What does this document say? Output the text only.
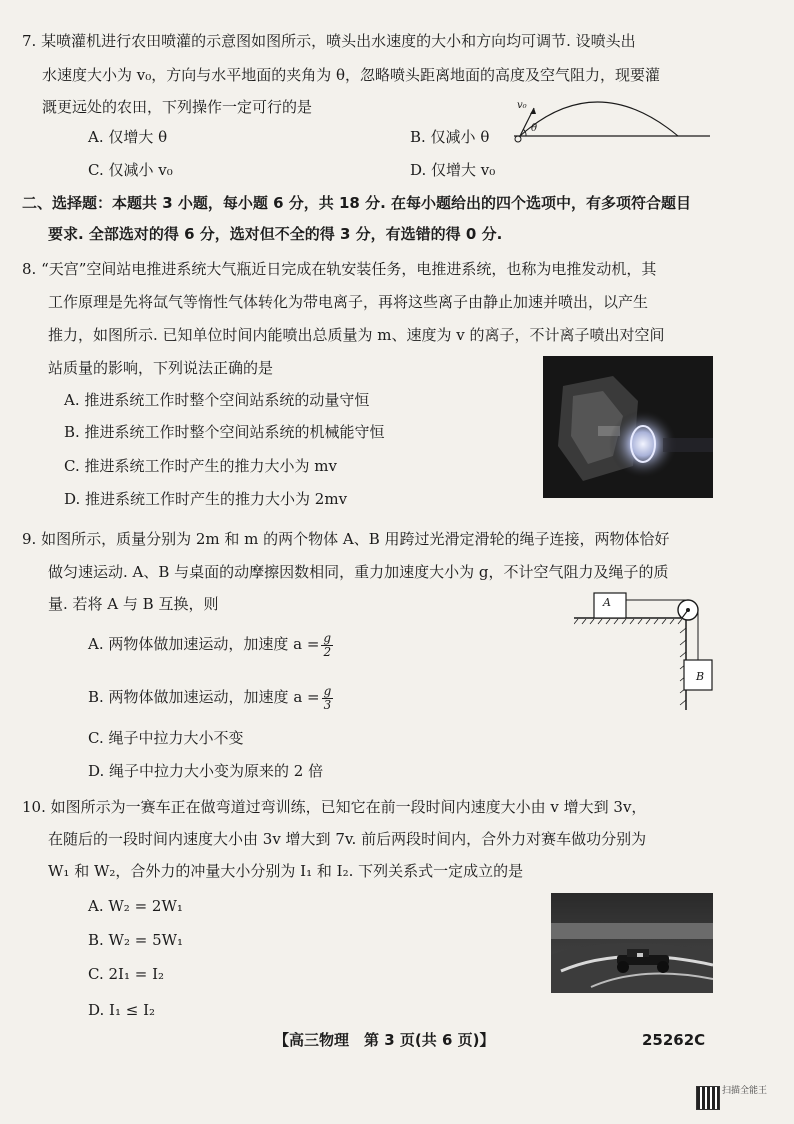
7. 某喷灌机进行农田喷灌的示意图如图所示，喷头出水速度的大小和方向均可调节. 设喷头出
水速度大小为 v₀，方向与水平地面的夹角为 θ，忽略喷头距离地面的高度及空气阻力，现要灌
溉更远处的农田，下列操作一定可行的是
A. 仅增大 θ	B. 仅减小 θ
C. 仅减小 v₀	D. 仅增大 v₀
v₀
θ
二、选择题：本题共 3 小题，每小题 6 分，共 18 分. 在每小题给出的四个选项中，有多项符合题目
要求. 全部选对的得 6 分，选对但不全的得 3 分，有选错的得 0 分.
8. “天宫”空间站电推进系统大气瓶近日完成在轨安装任务，电推进系统，也称为电推发动机，其
工作原理是先将氙气等惰性气体转化为带电离子，再将这些离子由静止加速并喷出，以产生
推力，如图所示. 已知单位时间内能喷出总质量为 m、速度为 v 的离子，不计离子喷出对空间
站质量的影响，下列说法正确的是
A. 推进系统工作时整个空间站系统的动量守恒
B. 推进系统工作时整个空间站系统的机械能守恒
C. 推进系统工作时产生的推力大小为 mv
D. 推进系统工作时产生的推力大小为 2mv
9. 如图所示，质量分别为 2m 和 m 的两个物体 A、B 用跨过光滑定滑轮的绳子连接，两物体恰好
做匀速运动. A、B 与桌面的动摩擦因数相同，重力加速度大小为 g，不计空气阻力及绳子的质
量. 若将 A 与 B 互换，则
A. 两物体做加速运动，加速度 $a = \frac{g}{2}$
B. 两物体做加速运动，加速度 $a = \frac{g}{3}$
C. 绳子中拉力大小不变
D. 绳子中拉力大小变为原来的 2 倍
A
B
10. 如图所示为一赛车正在做弯道过弯训练，已知它在前一段时间内速度大小由 v 增大到 3v，
在随后的一段时间内速度大小由 3v 增大到 7v. 前后两段时间内，合外力对赛车做功分别为
W₁ 和 W₂，合外力的冲量大小分别为 I₁ 和 I₂. 下列关系式一定成立的是
A. W₂ = 2W₁
B. W₂ = 5W₁
C. 2I₁ = I₂
D. I₁ ≤ I₂
【高三物理　第 3 页(共 6 页)】	25262C
扫描全能王
